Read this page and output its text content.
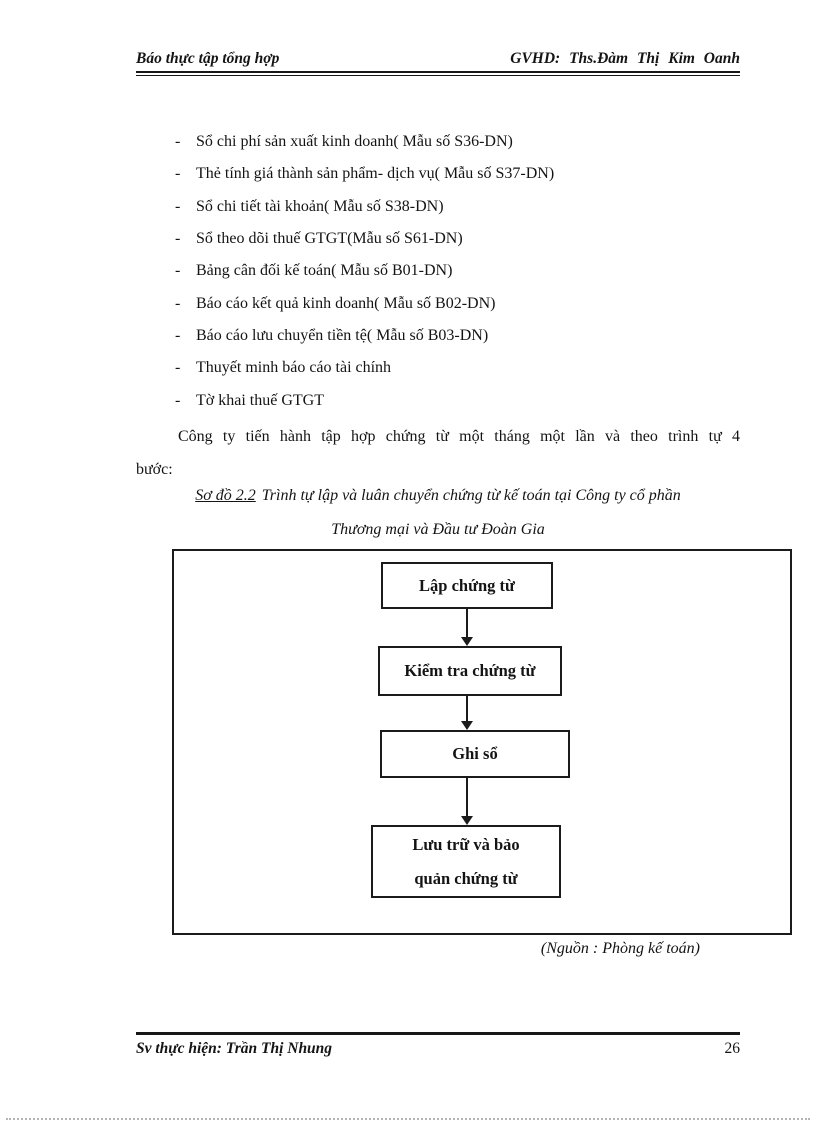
Báo thực tập tổng hợp	GVHD: Ths.Đàm Thị Kim Oanh
- Sổ chi phí sản xuất kinh doanh( Mẫu số S36-DN)
- Thẻ tính giá thành sản phẩm- dịch vụ( Mẫu số S37-DN)
- Sổ chi tiết tài khoản( Mẫu số S38-DN)
- Sổ theo dõi thuế GTGT(Mẫu số S61-DN)
- Bảng cân đối kế toán( Mẫu số B01-DN)
- Báo cáo kết quả kinh doanh( Mẫu số B02-DN)
- Báo cáo lưu chuyển tiền tệ( Mẫu số B03-DN)
- Thuyết minh báo cáo tài chính
- Tờ khai thuế GTGT
Công ty tiến hành tập hợp chứng từ một tháng một lần và theo trình tự 4
bước:
Sơ đồ 2.2 Trình tự lập và luân chuyển chứng từ kế toán tại Công ty cổ phần
Thương mại và Đầu tư Đoàn Gia
Lập chứng từ
Kiểm tra chứng từ
Ghi sổ
Lưu trữ và bảo
quản chứng từ
(Nguồn : Phòng kế toán)
Sv thực hiện: Trần Thị Nhung	26
